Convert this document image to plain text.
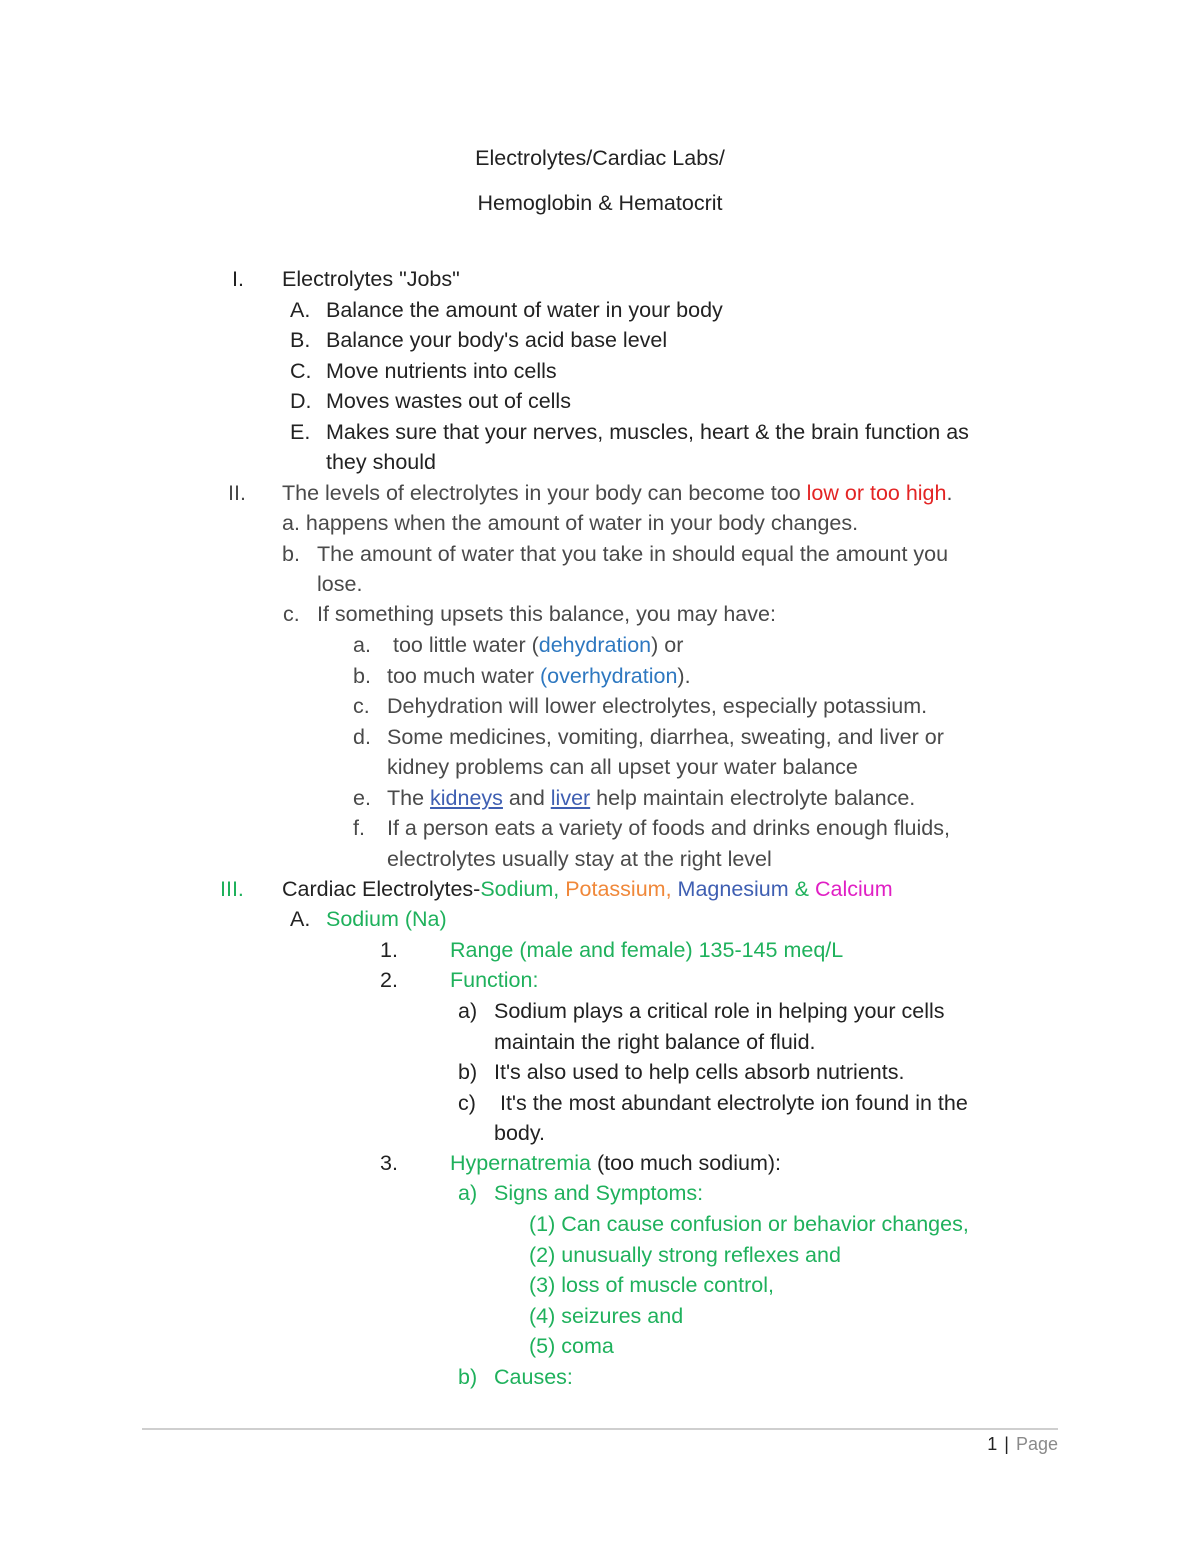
Electrolytes/Cardiac Labs/
Hemoglobin & Hematocrit
I. Electrolytes "Jobs"
A. Balance the amount of water in your body
B. Balance your body's acid base level
C. Move nutrients into cells
D. Moves wastes out of cells
E. Makes sure that your nerves, muscles, heart & the brain function as
they should
II. The levels of electrolytes in your body can become too low or too high.
a. happens when the amount of water in your body changes.
b. The amount of water that you take in should equal the amount you
lose.
c. If something upsets this balance, you may have:
a. too little water (dehydration) or
b. too much water (overhydration).
c. Dehydration will lower electrolytes, especially potassium.
d. Some medicines, vomiting, diarrhea, sweating, and liver or
kidney problems can all upset your water balance
e. The kidneys and liver help maintain electrolyte balance.
f. If a person eats a variety of foods and drinks enough fluids,
electrolytes usually stay at the right level
III. Cardiac Electrolytes-Sodium, Potassium, Magnesium & Calcium
A. Sodium (Na)
1. Range (male and female) 135-145 meq/L
2. Function:
a) Sodium plays a critical role in helping your cells
maintain the right balance of fluid.
b) It's also used to help cells absorb nutrients.
c) It's the most abundant electrolyte ion found in the
body.
3. Hypernatremia (too much sodium):
a) Signs and Symptoms:
(1) Can cause confusion or behavior changes,
(2) unusually strong reflexes and
(3) loss of muscle control,
(4) seizures and
(5) coma
b) Causes:
1 | Page
